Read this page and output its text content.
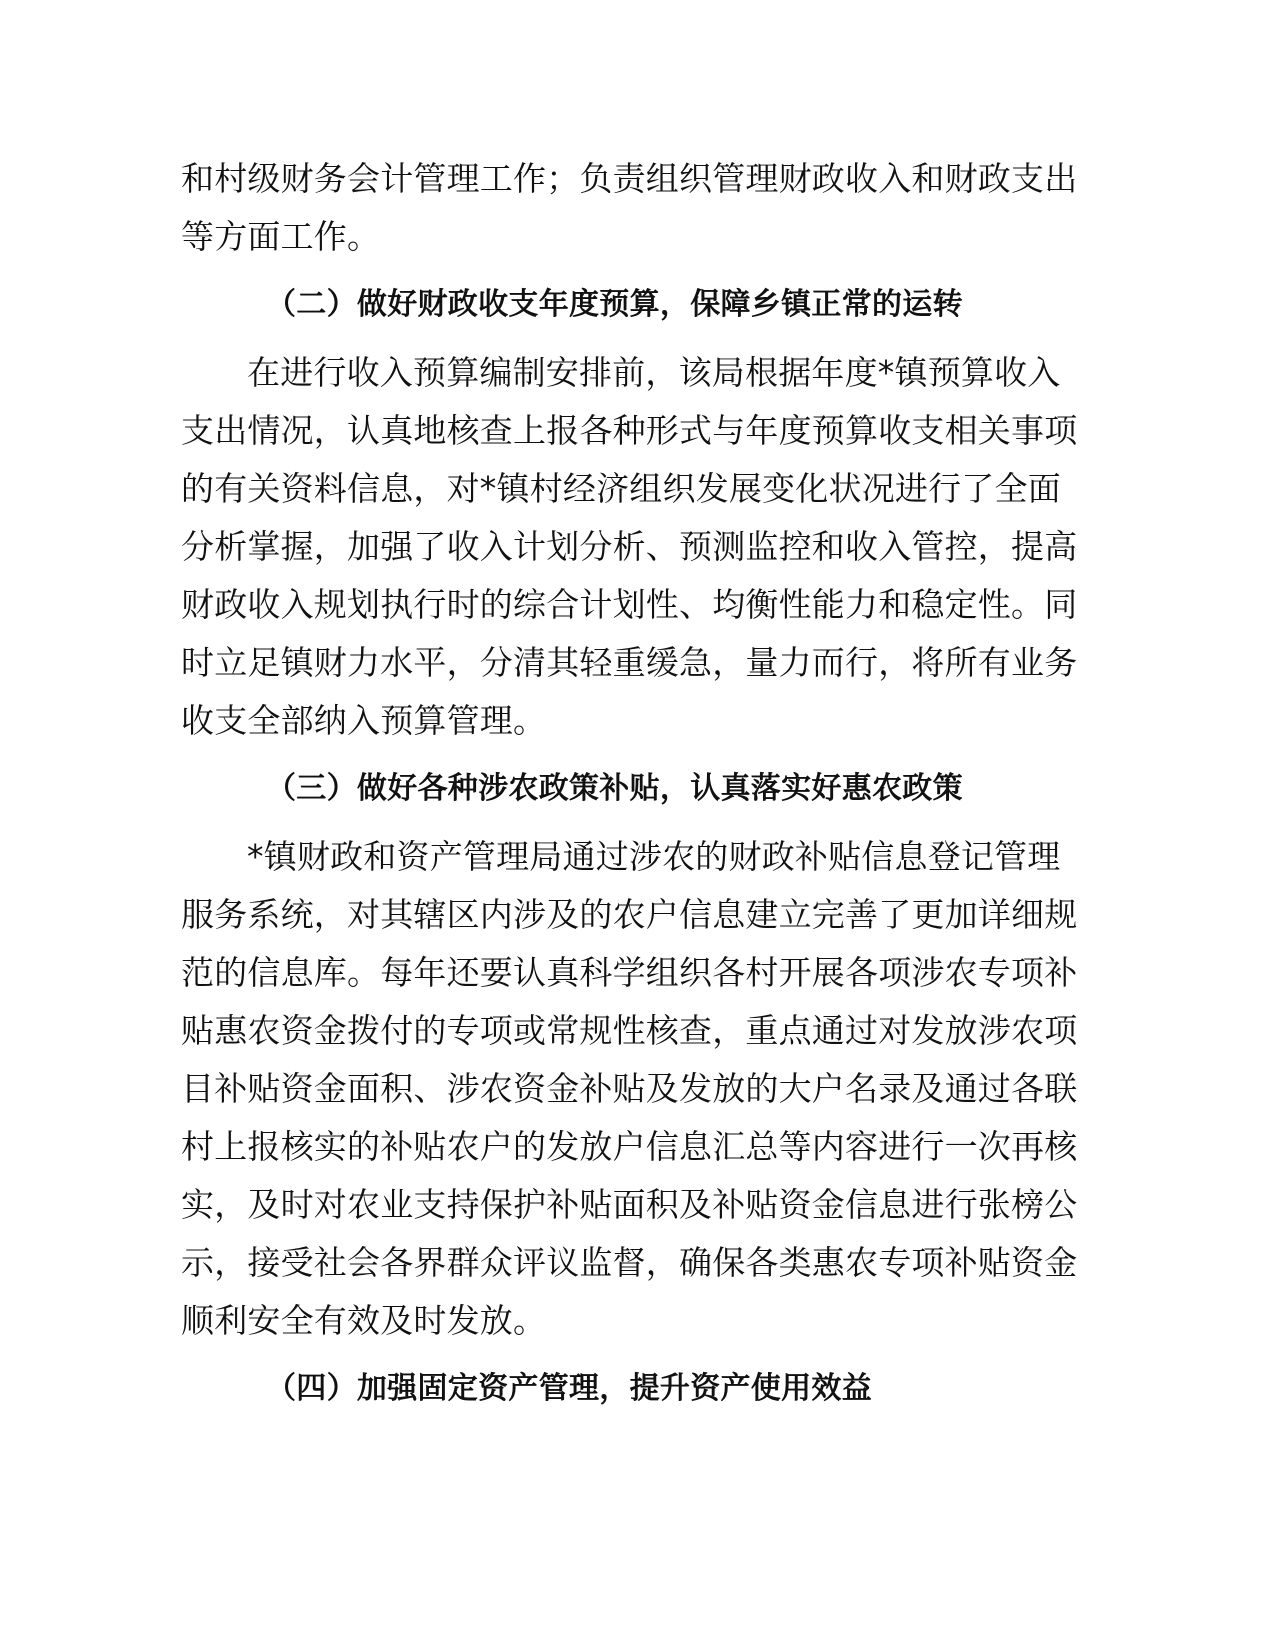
和村级财务会计管理工作；负责组织管理财政收入和财政支出
等方面工作。

（二）做好财政收支年度预算，保障乡镇正常的运转

在进行收入预算编制安排前，该局根据年度*镇预算收入
支出情况，认真地核查上报各种形式与年度预算收支相关事项
的有关资料信息，对*镇村经济组织发展变化状况进行了全面
分析掌握，加强了收入计划分析、预测监控和收入管控，提高
财政收入规划执行时的综合计划性、均衡性能力和稳定性。同
时立足镇财力水平，分清其轻重缓急，量力而行，将所有业务
收支全部纳入预算管理。

（三）做好各种涉农政策补贴，认真落实好惠农政策

*镇财政和资产管理局通过涉农的财政补贴信息登记管理
服务系统，对其辖区内涉及的农户信息建立完善了更加详细规
范的信息库。每年还要认真科学组织各村开展各项涉农专项补
贴惠农资金拨付的专项或常规性核查，重点通过对发放涉农项
目补贴资金面积、涉农资金补贴及发放的大户名录及通过各联
村上报核实的补贴农户的发放户信息汇总等内容进行一次再核
实，及时对农业支持保护补贴面积及补贴资金信息进行张榜公
示，接受社会各界群众评议监督，确保各类惠农专项补贴资金
顺利安全有效及时发放。

（四）加强固定资产管理，提升资产使用效益
